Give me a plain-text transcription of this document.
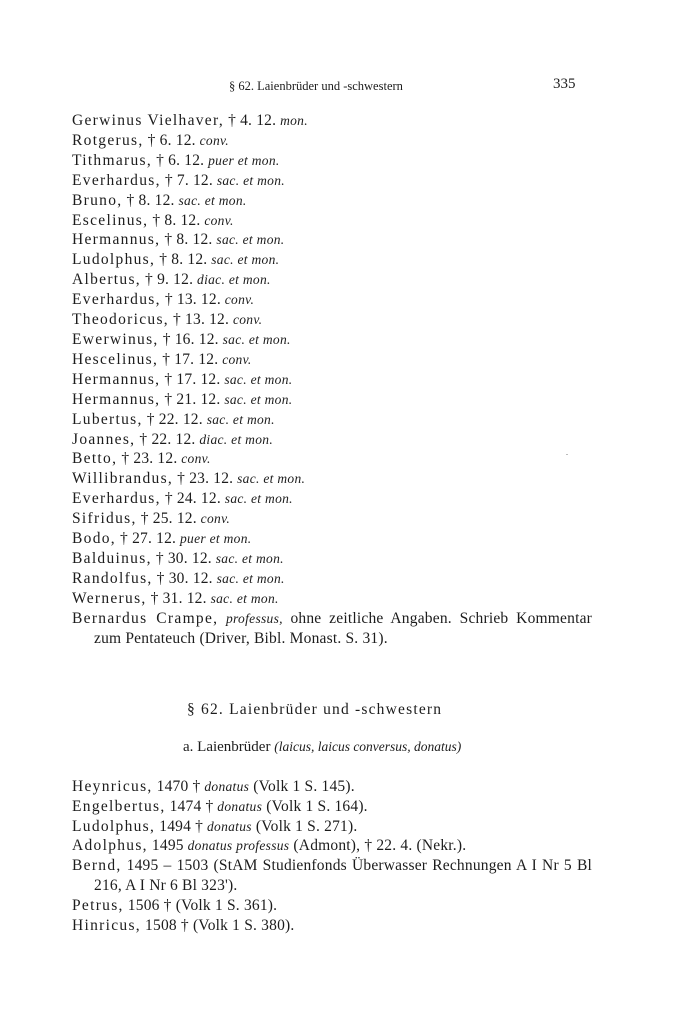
§ 62. Laienbrüder und -schwestern	335
Gerwinus Vielhaver, † 4. 12. mon.
Rotgerus, † 6. 12. conv.
Tithmarus, † 6. 12. puer et mon.
Everhardus, † 7. 12. sac. et mon.
Bruno, † 8. 12. sac. et mon.
Escelinus, † 8. 12. conv.
Hermannus, † 8. 12. sac. et mon.
Ludolphus, † 8. 12. sac. et mon.
Albertus, † 9. 12. diac. et mon.
Everhardus, † 13. 12. conv.
Theodoricus, † 13. 12. conv.
Ewerwinus, † 16. 12. sac. et mon.
Hescelinus, † 17. 12. conv.
Hermannus, † 17. 12. sac. et mon.
Hermannus, † 21. 12. sac. et mon.
Lubertus, † 22. 12. sac. et mon.
Joannes, † 22. 12. diac. et mon.
Betto, † 23. 12. conv.
Willibrandus, † 23. 12. sac. et mon.
Everhardus, † 24. 12. sac. et mon.
Sifridus, † 25. 12. conv.
Bodo, † 27. 12. puer et mon.
Balduinus, † 30. 12. sac. et mon.
Randolfus, † 30. 12. sac. et mon.
Wernerus, † 31. 12. sac. et mon.
Bernardus Crampe, professus, ohne zeitliche Angaben. Schrieb Kommentar zum Pentateuch (Driver, Bibl. Monast. S. 31).
§ 62. Laienbrüder und -schwestern
a. Laienbrüder (laicus, laicus conversus, donatus)
Heynricus, 1470 † donatus (Volk 1 S. 145).
Engelbertus, 1474 † donatus (Volk 1 S. 164).
Ludolphus, 1494 † donatus (Volk 1 S. 271).
Adolphus, 1495 donatus professus (Admont), † 22. 4. (Nekr.).
Bernd, 1495 – 1503 (StAM Studienfonds Überwasser Rechnungen A I Nr 5 Bl 216, A I Nr 6 Bl 323').
Petrus, 1506 † (Volk 1 S. 361).
Hinricus, 1508 † (Volk 1 S. 380).
